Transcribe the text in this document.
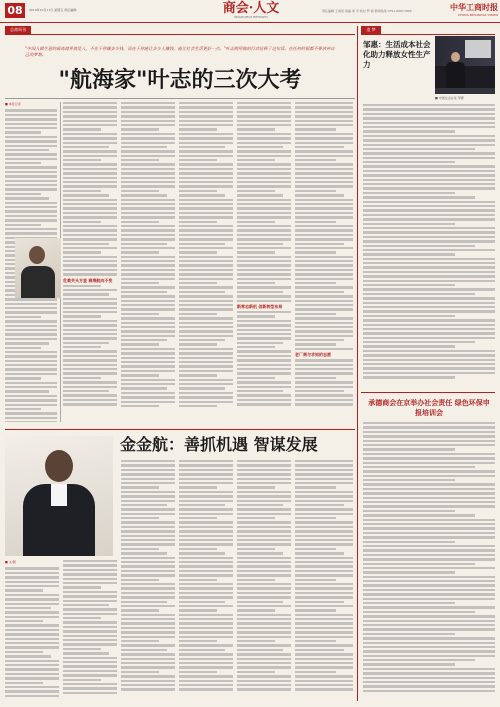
08	2019年10月11日 星期五 责任编辑：	商会·人文
SHANGHUI RENWEN
责任编辑 王雨辰 美编 刘 平 校对 罗 颖 新闻热线 0791-86817808	中华工商时报
CHINA BUSINESS TIMES
总商周刊
"中国人做生意的最高境界就是人，不在于你赚多少钱，而在于你能让多少人赚钱，能让社会生活更好一点。"叶志刚用他的行动诠释了这句话。在任何时候都不要放弃自己的梦想。
"航海家"叶志的三次大考
■ 本报记者
危难关头方显 商海航向不变
新常态新机 创新转型布局
老厂商与求知的志愿
追 梦
邹惠：生活成本社会化助力释放女性生产力
■ 中国女企业家 邹惠
承德商会在京举办社会责任 绿色环保申报培训会
金金航：善抓机遇 智谋发展
■ 文/图
